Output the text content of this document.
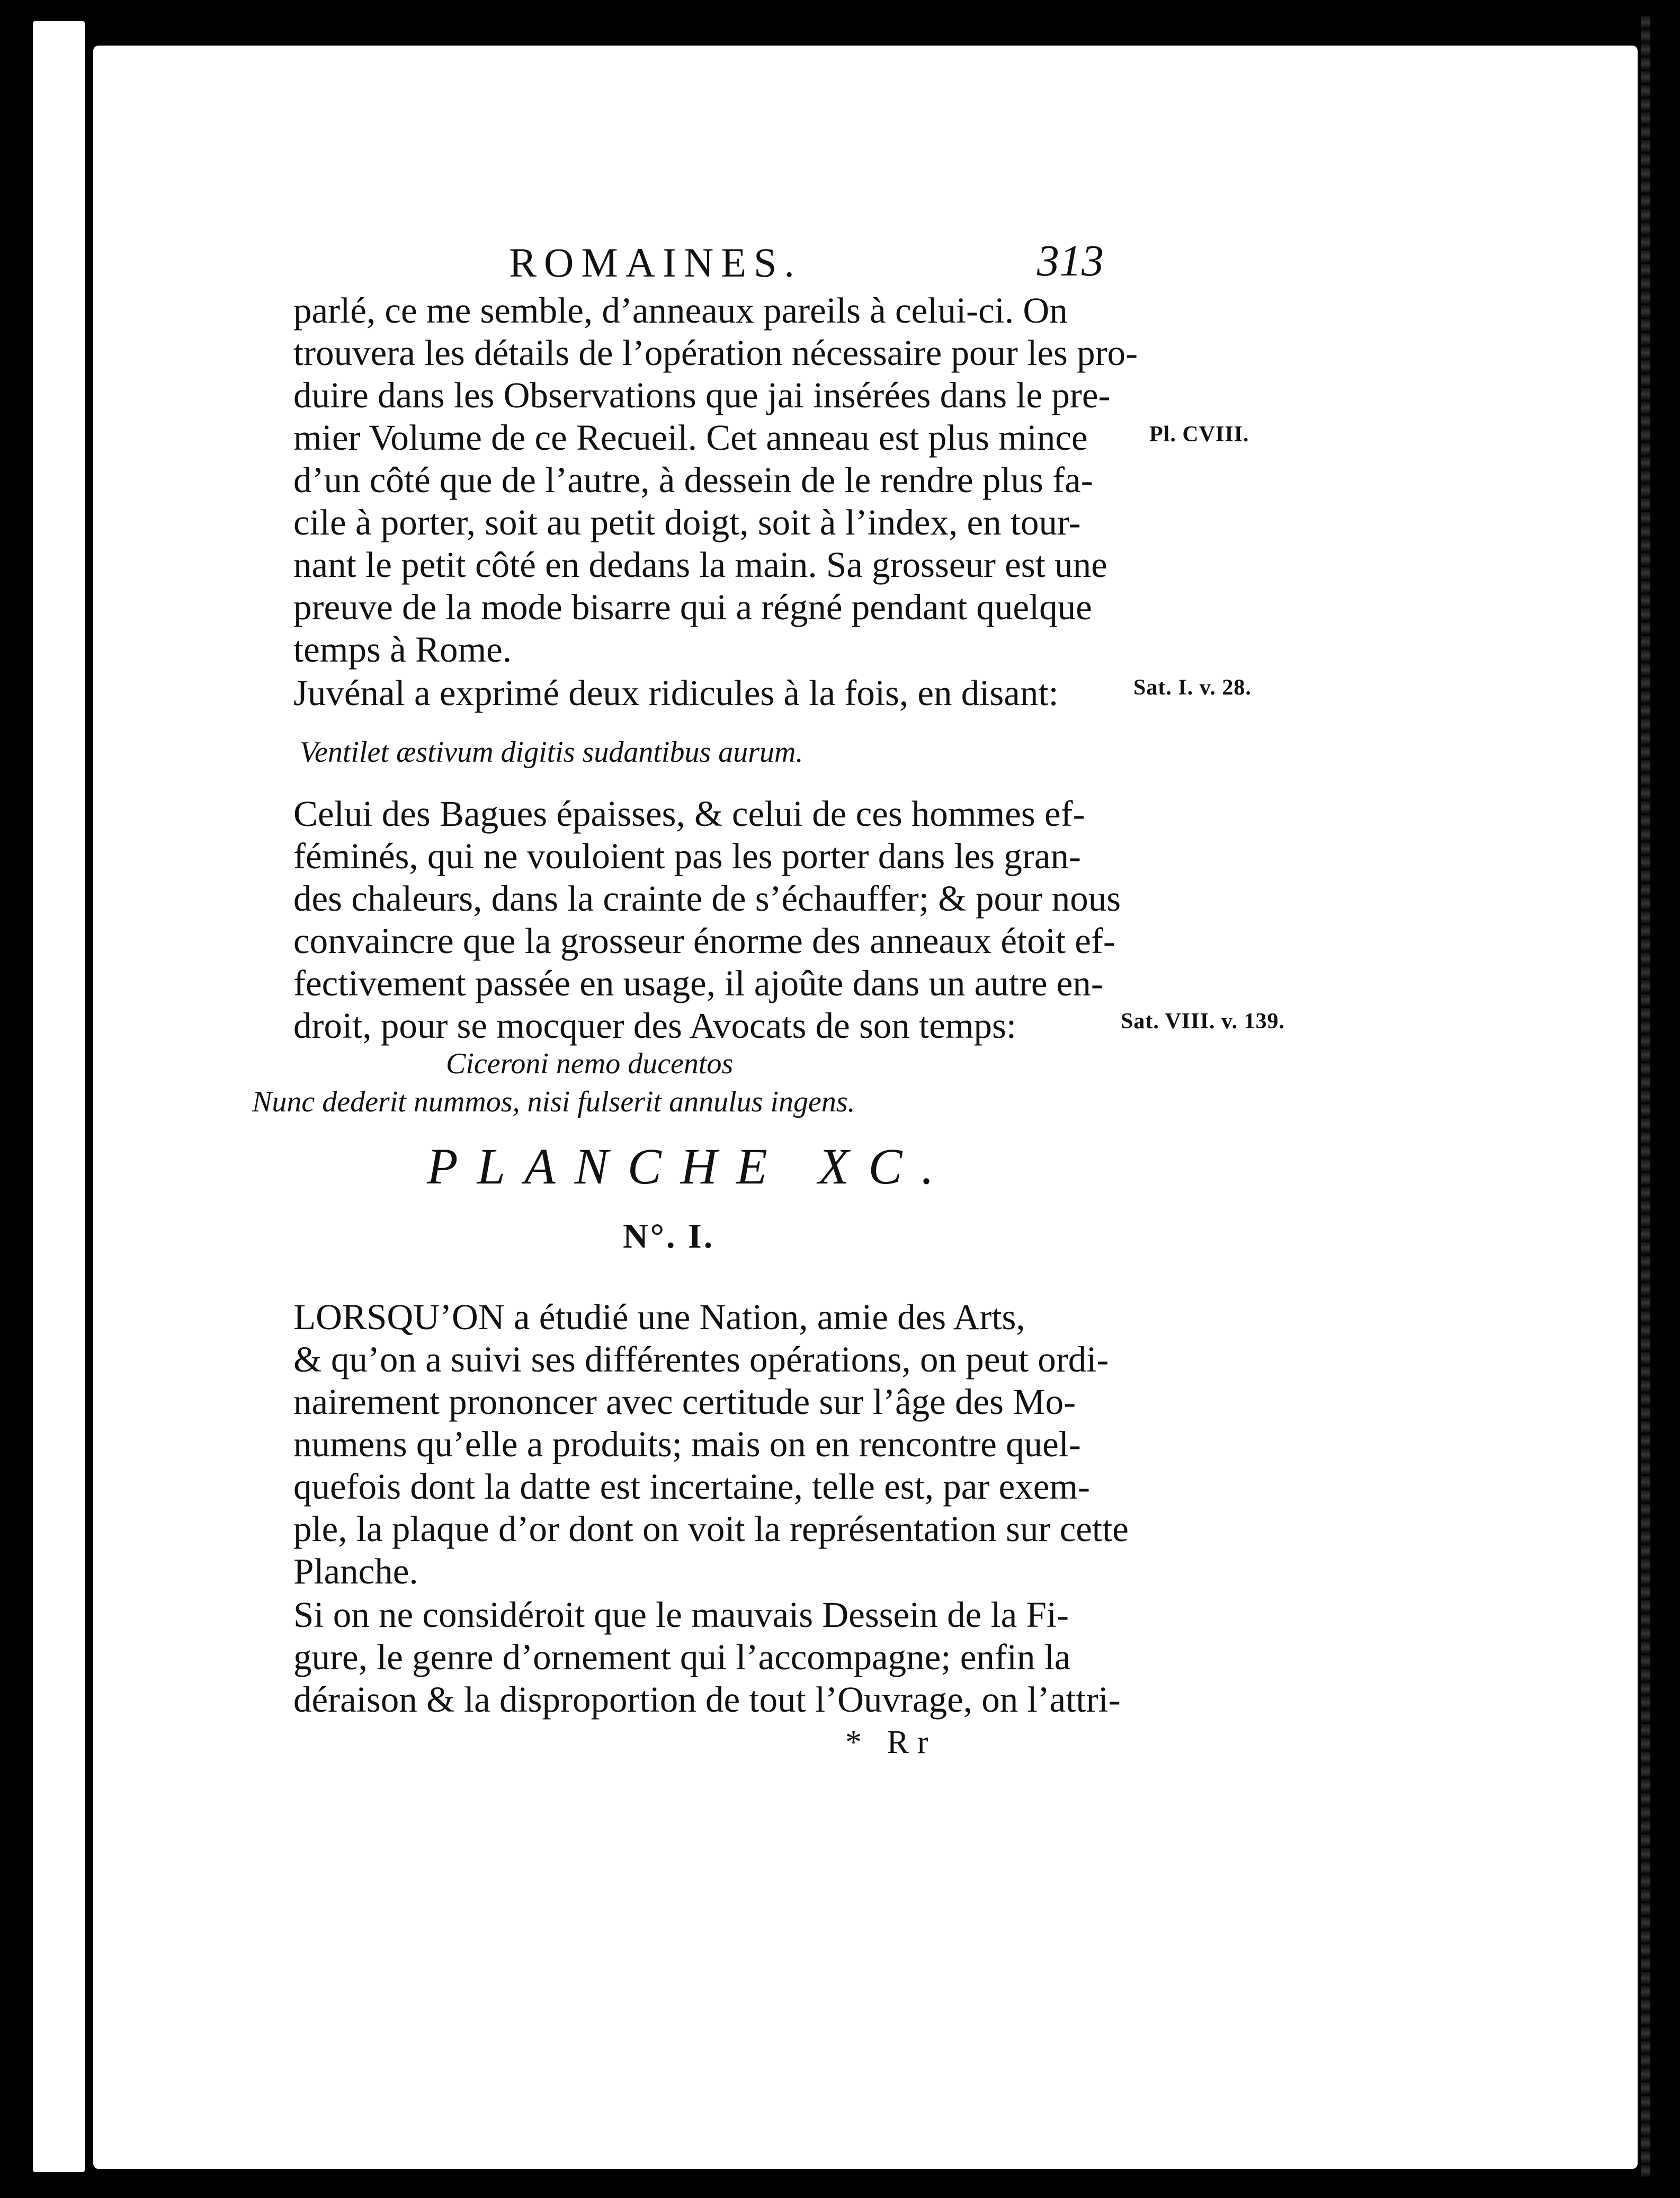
ROMAINES.	313
parlé, ce me semble, d’anneaux pareils à celui-ci. On
trouvera les détails de l’opération nécessaire pour les pro-
duire dans les Observations que jai insérées dans le pre-
mier Volume de ce Recueil. Cet anneau est plus mince
d’un côté que de l’autre, à dessein de le rendre plus fa-
cile à porter, soit au petit doigt, soit à l’index, en tour-
nant le petit côté en dedans la main. Sa grosseur est une
preuve de la mode bisarre qui a régné pendant quelque
temps à Rome.
Juvénal a exprimé deux ridicules à la fois, en disant:
Ventilet æstivum digitis sudantibus aurum.
Celui des Bagues épaisses, & celui de ces hommes ef-
féminés, qui ne vouloient pas les porter dans les gran-
des chaleurs, dans la crainte de s’échauffer; & pour nous
convaincre que la grosseur énorme des anneaux étoit ef-
fectivement passée en usage, il ajoûte dans un autre en-
droit, pour se mocquer des Avocats de son temps:
Ciceroni nemo ducentos
Nunc dederit nummos, nisi fulserit annulus ingens.
Pl. CVIII.
Sat. I. v. 28.
Sat. VIII. v. 139.
PLANCHE XC.
N°. I.
LORSQU’ON a étudié une Nation, amie des Arts,
& qu’on a suivi ses différentes opérations, on peut ordi-
nairement prononcer avec certitude sur l’âge des Mo-
numens qu’elle a produits; mais on en rencontre quel-
quefois dont la datte est incertaine, telle est, par exem-
ple, la plaque d’or dont on voit la représentation sur cette
Planche.
Si on ne considéroit que le mauvais Dessein de la Fi-
gure, le genre d’ornement qui l’accompagne; enfin la
déraison & la disproportion de tout l’Ouvrage, on l’attri-
* Rr
